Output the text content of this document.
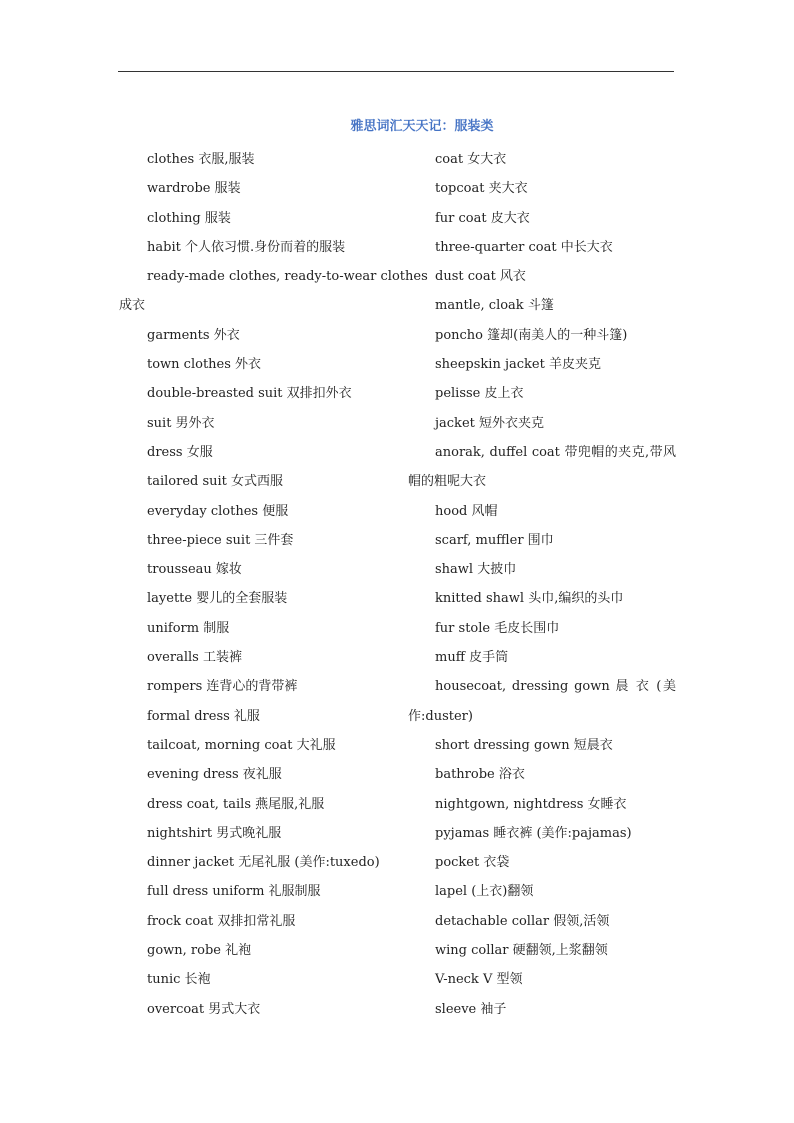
雅思词汇天天记：服装类
clothes 衣服,服装
wardrobe 服装
clothing 服装
habit 个人依习惯.身份而着的服装
ready-made clothes, ready-to-wear clothes
成衣
garments 外衣
town clothes 外衣
double-breasted suit 双排扣外衣
suit 男外衣
dress 女服
tailored suit 女式西服
everyday clothes 便服
three-piece suit 三件套
trousseau 嫁妆
layette 婴儿的全套服装
uniform 制服
overalls 工装裤
rompers 连背心的背带裤
formal dress 礼服
tailcoat, morning coat 大礼服
evening dress 夜礼服
dress coat, tails 燕尾服,礼服
nightshirt 男式晚礼服
dinner jacket 无尾礼服 (美作:tuxedo)
full dress uniform 礼服制服
frock coat 双排扣常礼服
gown, robe 礼袍
tunic 长袍
overcoat 男式大衣
coat 女大衣
topcoat 夹大衣
fur coat 皮大衣
three-quarter coat 中长大衣
dust coat 风衣
mantle, cloak 斗篷
poncho 篷却(南美人的一种斗篷)
sheepskin jacket 羊皮夹克
pelisse 皮上衣
jacket 短外衣夹克
anorak, duffel coat 带兜帽的夹克,带风
帽的粗呢大衣
hood 风帽
scarf, muffler 围巾
shawl 大披巾
knitted shawl 头巾,编织的头巾
fur stole 毛皮长围巾
muff 皮手筒
housecoat, dressing gown 晨 衣 (美
作:duster)
short dressing gown 短晨衣
bathrobe 浴衣
nightgown, nightdress 女睡衣
pyjamas 睡衣裤 (美作:pajamas)
pocket 衣袋
lapel (上衣)翻领
detachable collar 假领,活领
wing collar 硬翻领,上浆翻领
V-neck V 型领
sleeve 袖子
